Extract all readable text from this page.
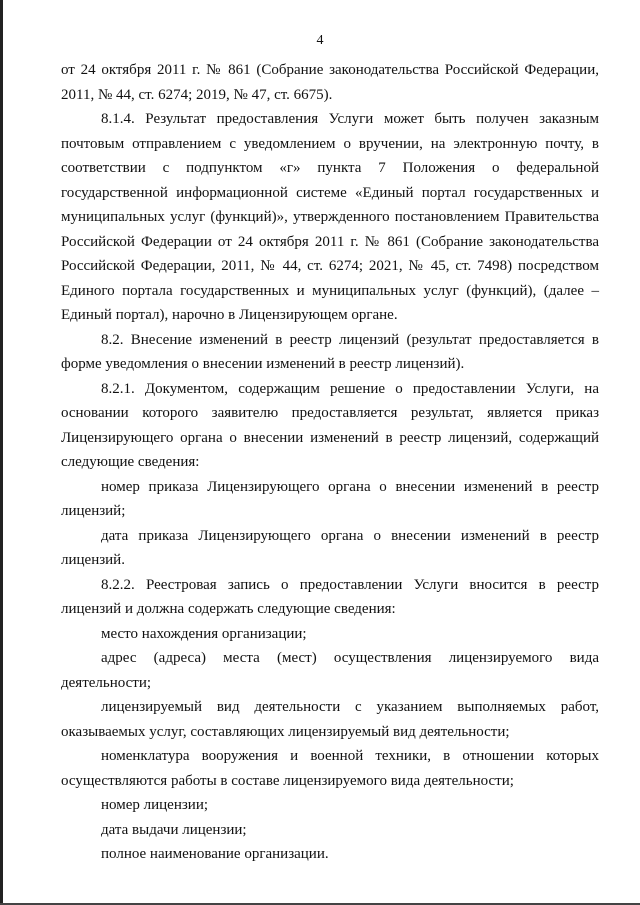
4

от 24 октября 2011 г. № 861 (Собрание законодательства Российской Федерации, 2011, № 44, ст. 6274; 2019, № 47, ст. 6675).

8.1.4. Результат предоставления Услуги может быть получен заказным почтовым отправлением с уведомлением о вручении, на электронную почту, в соответствии с подпунктом «г» пункта 7 Положения о федеральной государственной информационной системе «Единый портал государственных и муниципальных услуг (функций)», утвержденного постановлением Правительства Российской Федерации от 24 октября 2011 г. № 861 (Собрание законодательства Российской Федерации, 2011, № 44, ст. 6274; 2021, № 45, ст. 7498) посредством Единого портала государственных и муниципальных услуг (функций), (далее – Единый портал), нарочно в Лицензирующем органе.

8.2. Внесение изменений в реестр лицензий (результат предоставляется в форме уведомления о внесении изменений в реестр лицензий).

8.2.1. Документом, содержащим решение о предоставлении Услуги, на основании которого заявителю предоставляется результат, является приказ Лицензирующего органа о внесении изменений в реестр лицензий, содержащий следующие сведения:

номер приказа Лицензирующего органа о внесении изменений в реестр лицензий;

дата приказа Лицензирующего органа о внесении изменений в реестр лицензий.

8.2.2. Реестровая запись о предоставлении Услуги вносится в реестр лицензий и должна содержать следующие сведения:

место нахождения организации;

адрес (адреса) места (мест) осуществления лицензируемого вида деятельности;

лицензируемый вид деятельности с указанием выполняемых работ, оказываемых услуг, составляющих лицензируемый вид деятельности;

номенклатура вооружения и военной техники, в отношении которых осуществляются работы в составе лицензируемого вида деятельности;

номер лицензии;

дата выдачи лицензии;

полное наименование организации.
